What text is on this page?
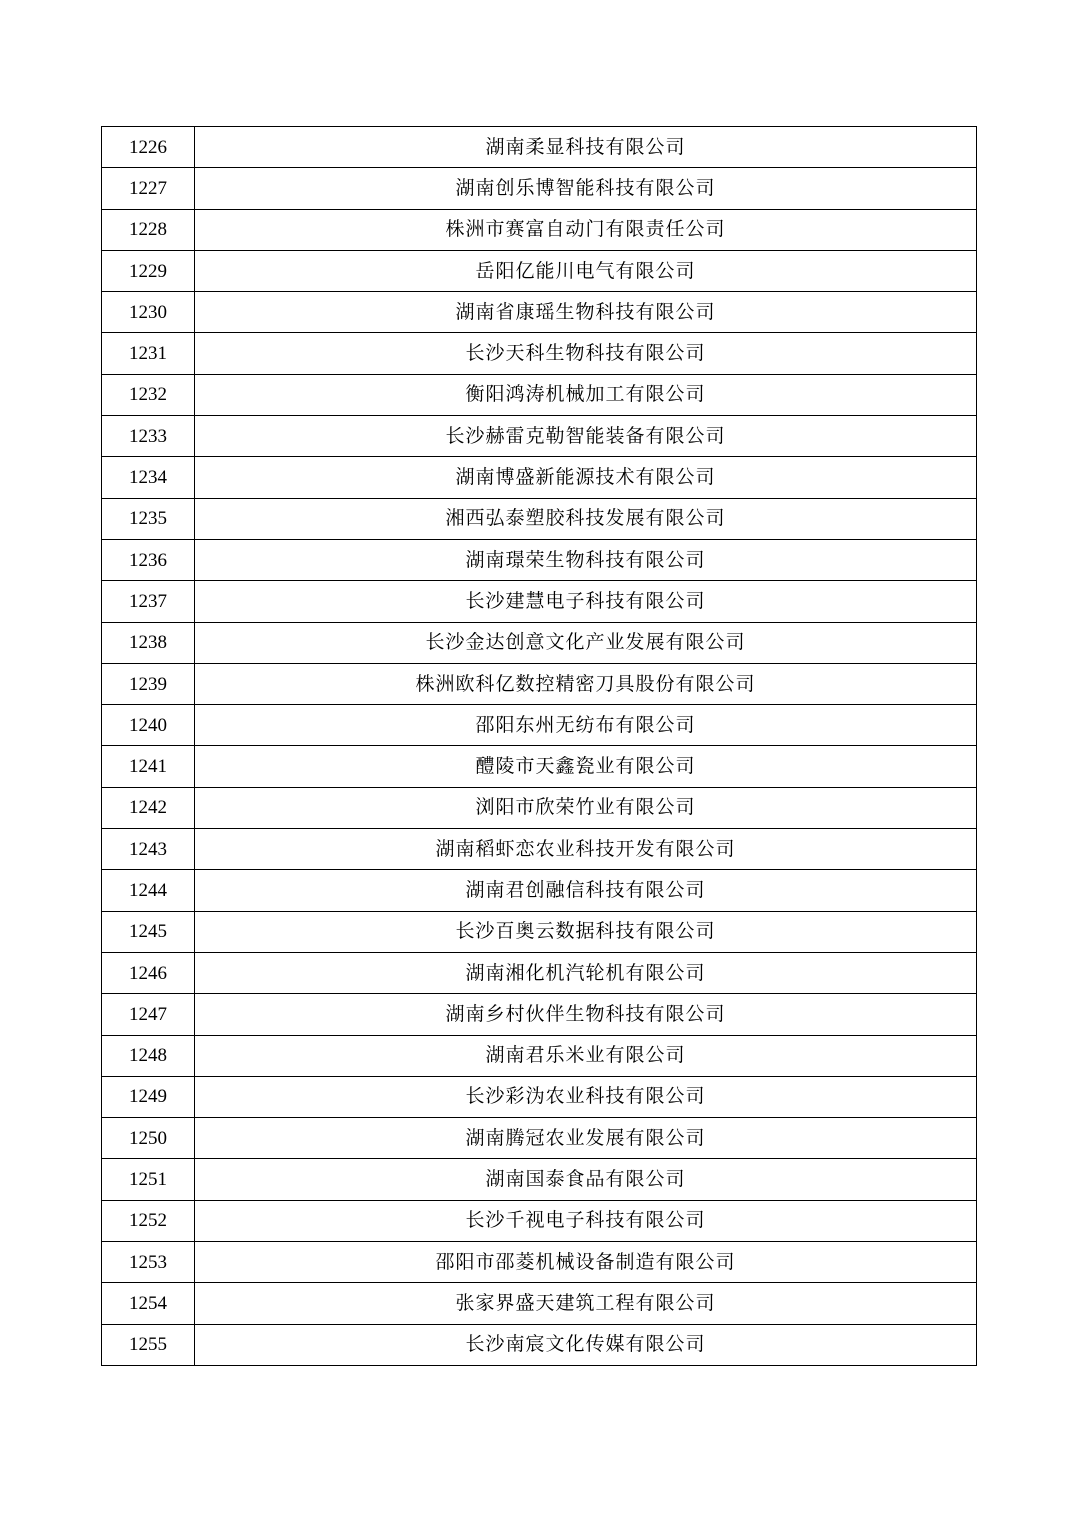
1226	湖南柔显科技有限公司
1227	湖南创乐博智能科技有限公司
1228	株洲市赛富自动门有限责任公司
1229	岳阳亿能川电气有限公司
1230	湖南省康瑶生物科技有限公司
1231	长沙天科生物科技有限公司
1232	衡阳鸿涛机械加工有限公司
1233	长沙赫雷克勒智能装备有限公司
1234	湖南博盛新能源技术有限公司
1235	湘西弘泰塑胶科技发展有限公司
1236	湖南璟荣生物科技有限公司
1237	长沙建慧电子科技有限公司
1238	长沙金达创意文化产业发展有限公司
1239	株洲欧科亿数控精密刀具股份有限公司
1240	邵阳东州无纺布有限公司
1241	醴陵市天鑫瓷业有限公司
1242	浏阳市欣荣竹业有限公司
1243	湖南稻虾恋农业科技开发有限公司
1244	湖南君创融信科技有限公司
1245	长沙百奥云数据科技有限公司
1246	湖南湘化机汽轮机有限公司
1247	湖南乡村伙伴生物科技有限公司
1248	湖南君乐米业有限公司
1249	长沙彩沩农业科技有限公司
1250	湖南腾冠农业发展有限公司
1251	湖南国泰食品有限公司
1252	长沙千视电子科技有限公司
1253	邵阳市邵菱机械设备制造有限公司
1254	张家界盛天建筑工程有限公司
1255	长沙南宸文化传媒有限公司
